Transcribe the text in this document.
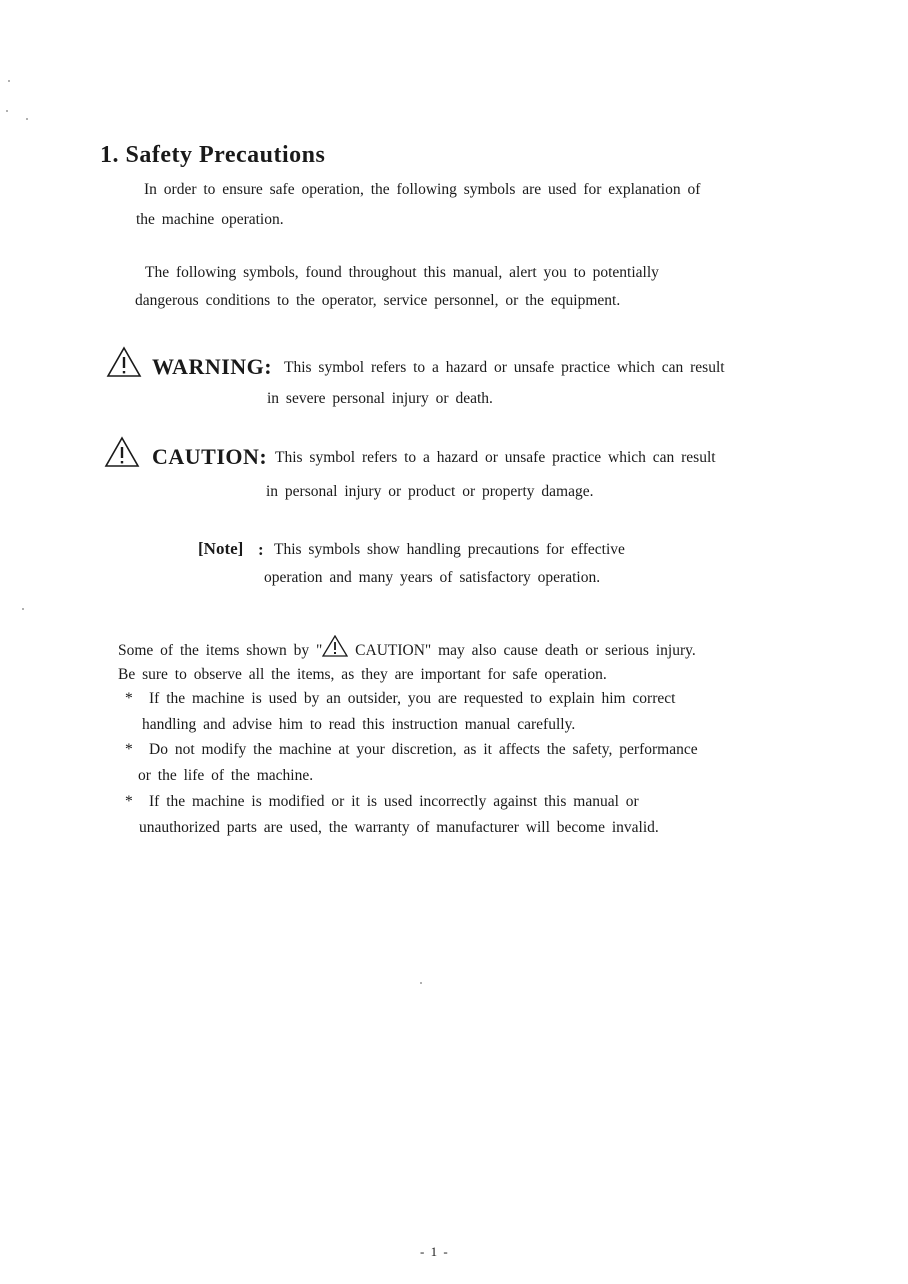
1. Safety Precautions
In order to ensure safe operation, the following symbols are used for explanation of
the machine operation.
The following symbols, found throughout this manual, alert you to potentially
dangerous conditions to the operator, service personnel, or the equipment.
WARNING: This symbol refers to a hazard or unsafe practice which can result
in severe personal injury or death.
CAUTION: This symbol refers to a hazard or unsafe practice which can result
in personal injury or product or property damage.
[Note] : This symbols show handling precautions for effective
operation and many years of satisfactory operation.
Some of the items shown by " CAUTION" may also cause death or serious injury.
Be sure to observe all the items, as they are important for safe operation.
* If the machine is used by an outsider, you are requested to explain him correct
handling and advise him to read this instruction manual carefully.
* Do not modify the machine at your discretion, as it affects the safety, performance
or the life of the machine.
* If the machine is modified or it is used incorrectly against this manual or
unauthorized parts are used, the warranty of manufacturer will become invalid.
- 1 -
